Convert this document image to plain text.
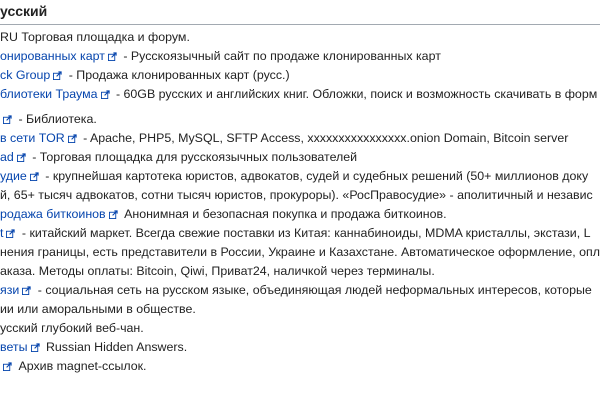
усский
RU Торговая площадка и форум.
онированных карт
- Русскоязычный сайт по продаже клонированных карт
ck Group
- Продажа клонированных карт (русс.)
блиотеки Траума
- 60GB русских и английских книг. Обложки, поиск и возможность скачивать в форм
- Библиотека.
в сети TOR
- Apache, PHP5, MySQL, SFTP Access, xxxxxxxxxxxxxxxx.onion Domain, Bitcoin server
ad
- Торговая площадка для русскоязычных пользователей
удие
- крупнейшая картотека юристов, адвокатов, судей и судебных решений (50+ миллионов доку
й, 65+ тысяч адвокатов, сотни тысяч юристов, прокуроры). «РосПравосудие» - аполитичный и независ
родажа биткоинов
Анонимная и безопасная покупка и продажа биткоинов.
t
- китайский маркет. Всегда свежие поставки из Китая: каннабиноиды, MDMA кристаллы, экстази, L
нения границы, есть представители в России, Украине и Казахстане. Автоматическое оформление, опл
аказа. Методы оплаты: Bitcoin, Qiwi, Приват24, наличкой через терминалы.
язи
- социальная сеть на русском языке, объединяющая людей неформальных интересов, которые
ии или аморальными в обществе.
усский глубокий веб-чан.
веты
Russian Hidden Answers.
Архив magnet-ссылок.
